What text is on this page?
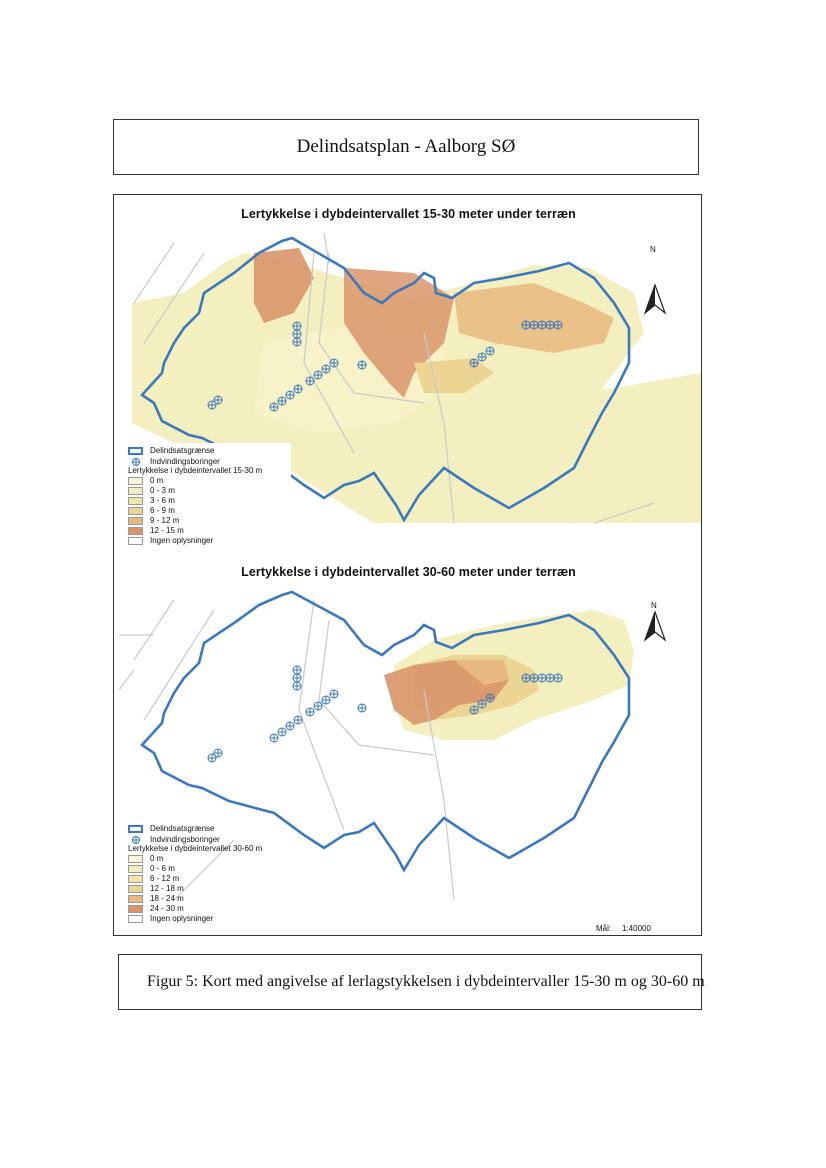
Delindsatsplan - Aalborg SØ
Lertykkelse i dybdeintervallet 15-30 meter under terræn
N
Delindsatsgrænse
Indvindingsboringer
Lertykkelse i dybdeintervallet 15-30 m
0 m
0 - 3 m
3 - 6 m
6 - 9 m
9 - 12 m
12 - 15 m
Ingen oplysninger
Lertykkelse i dybdeintervallet 30-60 meter under terræn
N
Delindsatsgrænse
Indvindingsboringer
Lertykkelse i dybdeintervallet 30-60 m
0 m
0 - 6 m
6 - 12 m
12 - 18 m
18 - 24 m
24 - 30 m
Ingen oplysninger
Mål: 1:40000
Figur 5: Kort med angivelse af lerlagstykkelsen i dybdeintervaller 15-30 m og 30-60 m
